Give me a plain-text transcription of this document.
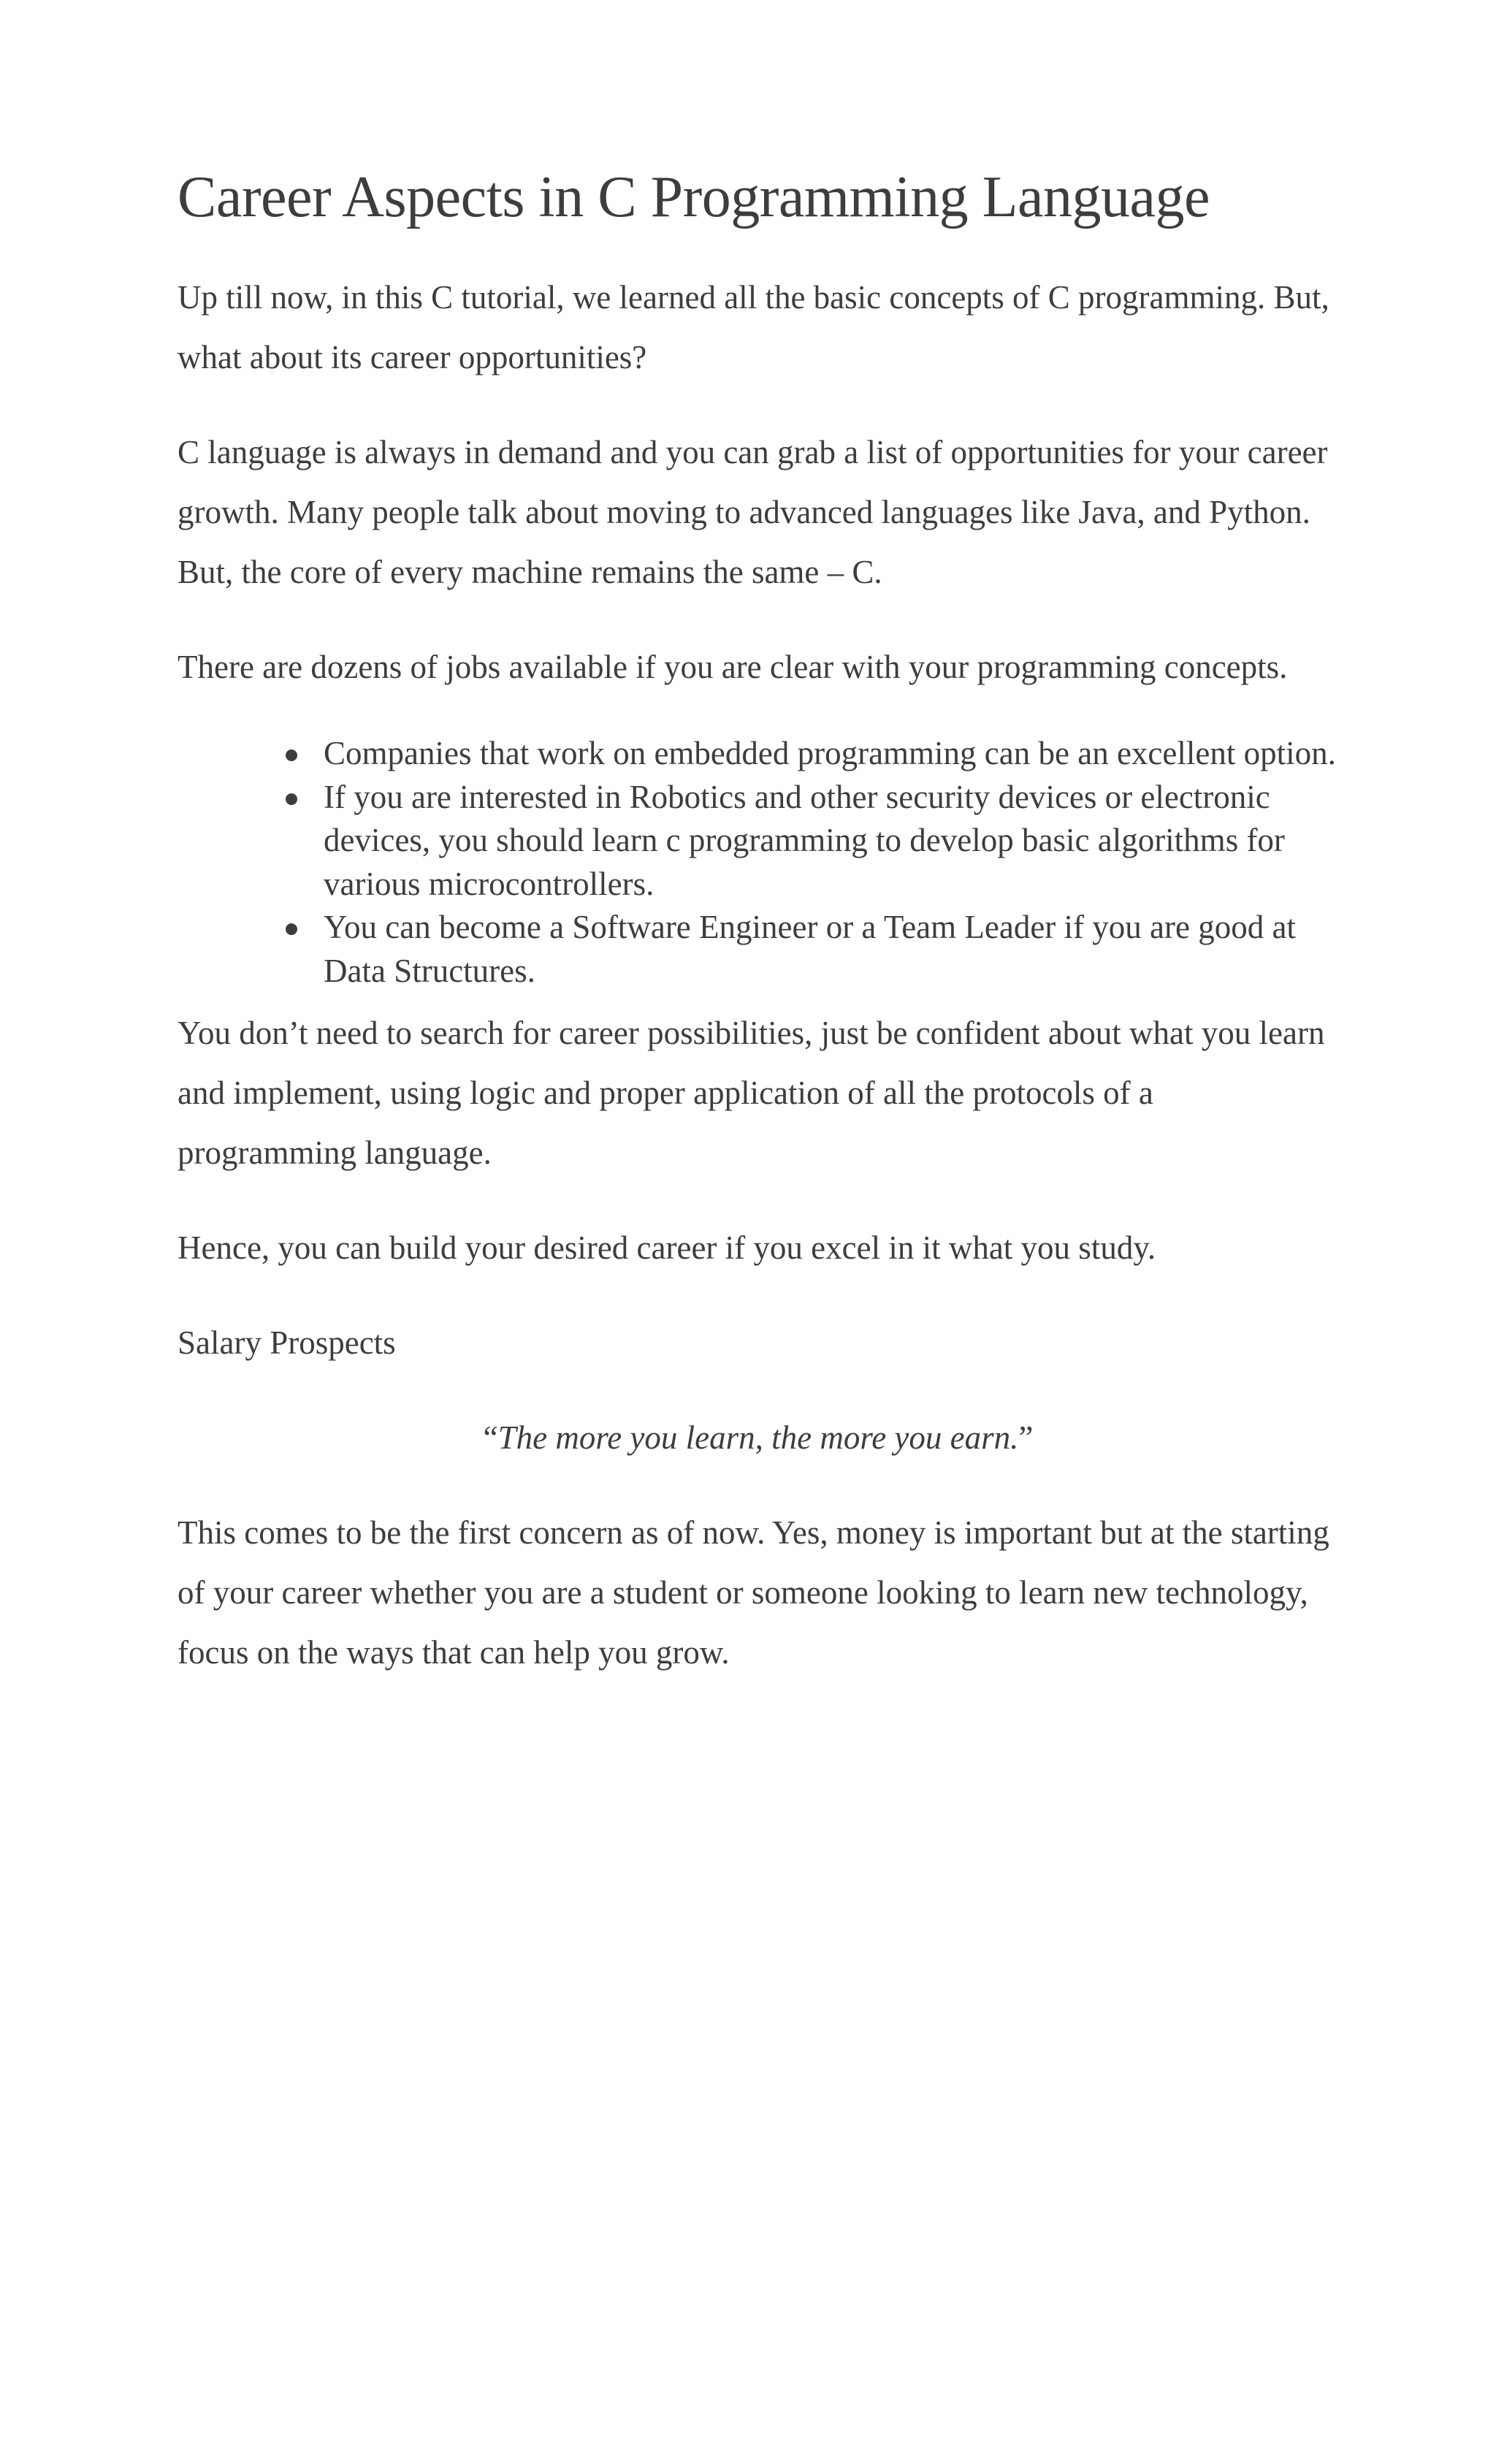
Career Aspects in C Programming Language

Up till now, in this C tutorial, we learned all the basic concepts of C programming. But, what about its career opportunities?

C language is always in demand and you can grab a list of opportunities for your career growth. Many people talk about moving to advanced languages like Java, and Python. But, the core of every machine remains the same – C.

There are dozens of jobs available if you are clear with your programming concepts.

Companies that work on embedded programming can be an excellent option.
If you are interested in Robotics and other security devices or electronic devices, you should learn c programming to develop basic algorithms for various microcontrollers.
You can become a Software Engineer or a Team Leader if you are good at Data Structures.

You don’t need to search for career possibilities, just be confident about what you learn and implement, using logic and proper application of all the protocols of a programming language.

Hence, you can build your desired career if you excel in it what you study.

Salary Prospects

“The more you learn, the more you earn.”

This comes to be the first concern as of now. Yes, money is important but at the starting of your career whether you are a student or someone looking to learn new technology, focus on the ways that can help you grow.
